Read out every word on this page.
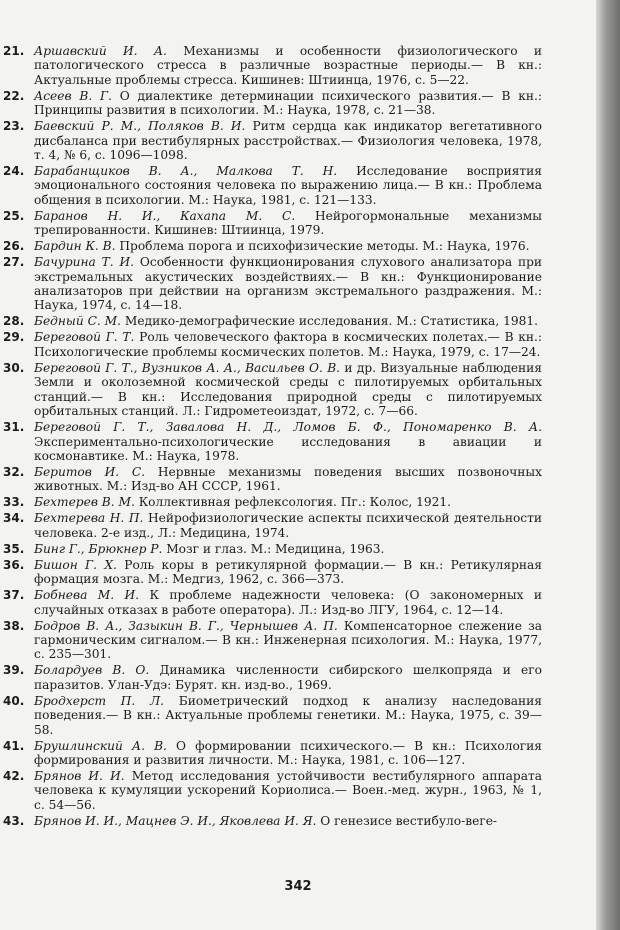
21. Аршавский И. А. Механизмы и особенности физиологического и патологического стресса в различные возрастные периоды.— В кн.: Актуальные проблемы стресса. Кишинев: Штиинца, 1976, с. 5—22.
22. Асеев В. Г. О диалектике детерминации психического развития.— В кн.: Принципы развития в психологии. М.: Наука, 1978, с. 21—38.
23. Баевский Р. М., Поляков В. И. Ритм сердца как индикатор вегетативного дисбаланса при вестибулярных расстройствах.— Физиология человека, 1978, т. 4, № 6, с. 1096—1098.
24. Барабанщиков В. А., Малкова Т. Н. Исследование восприятия эмоционального состояния человека по выражению лица.— В кн.: Проблема общения в психологии. М.: Наука, 1981, с. 121—133.
25. Баранов Н. И., Кахапа М. С. Нейрогормональные механизмы трепированности. Кишинев: Штиинца, 1979.
26. Бардин К. В. Проблема порога и психофизические методы. М.: Наука, 1976.
27. Бачурина Т. И. Особенности функционирования слухового анализатора при экстремальных акустических воздействиях.— В кн.: Функционирование анализаторов при действии на организм экстремального раздражения. М.: Наука, 1974, с. 14—18.
28. Бедный С. М. Медико-демографические исследования. М.: Статистика, 1981.
29. Береговой Г. Т. Роль человеческого фактора в космических полетах.— В кн.: Психологические проблемы космических полетов. М.: Наука, 1979, с. 17—24.
30. Береговой Г. Т., Вузников А. А., Васильев О. В. и др. Визуальные наблюдения Земли и околоземной космической среды с пилотируемых орбитальных станций.— В кн.: Исследования природной среды с пилотируемых орбитальных станций. Л.: Гидрометеоиздат, 1972, с. 7—66.
31. Береговой Г. Т., Завалова Н. Д., Ломов Б. Ф., Пономаренко В. А. Экспериментально-психологические исследования в авиации и космонавтике. М.: Наука, 1978.
32. Беритов И. С. Нервные механизмы поведения высших позвоночных животных. М.: Изд-во АН СССР, 1961.
33. Бехтерев В. М. Коллективная рефлексология. Пг.: Колос, 1921.
34. Бехтерева Н. П. Нейрофизиологические аспекты психической деятельности человека. 2-е изд., Л.: Медицина, 1974.
35. Бинг Г., Брюкнер Р. Мозг и глаз. М.: Медицина, 1963.
36. Бишон Г. Х. Роль коры в ретикулярной формации.— В кн.: Ретикулярная формация мозга. М.: Медгиз, 1962, с. 366—373.
37. Бобнева М. И. К проблеме надежности человека: (О закономерных и случайных отказах в работе оператора). Л.: Изд-во ЛГУ, 1964, с. 12—14.
38. Бодров В. А., Зазыкин В. Г., Чернышев А. П. Компенсаторное слежение за гармоническим сигналом.— В кн.: Инженерная психология. М.: Наука, 1977, с. 235—301.
39. Болардуев В. О. Динамика численности сибирского шелкопряда и его паразитов. Улан-Удэ: Бурят. кн. изд-во., 1969.
40. Бродхерст П. Л. Биометрический подход к анализу наследования поведения.— В кн.: Актуальные проблемы генетики. М.: Наука, 1975, с. 39—58.
41. Брушлинский А. В. О формировании психического.— В кн.: Психология формирования и развития личности. М.: Наука, 1981, с. 106—127.
42. Брянов И. И. Метод исследования устойчивости вестибулярного аппарата человека к кумуляции ускорений Кориолиса.— Воен.-мед. журн., 1963, № 1, с. 54—56.
43. Брянов И. И., Мацнев Э. И., Яковлева И. Я. О генезисе вестибуло-веге-
342
